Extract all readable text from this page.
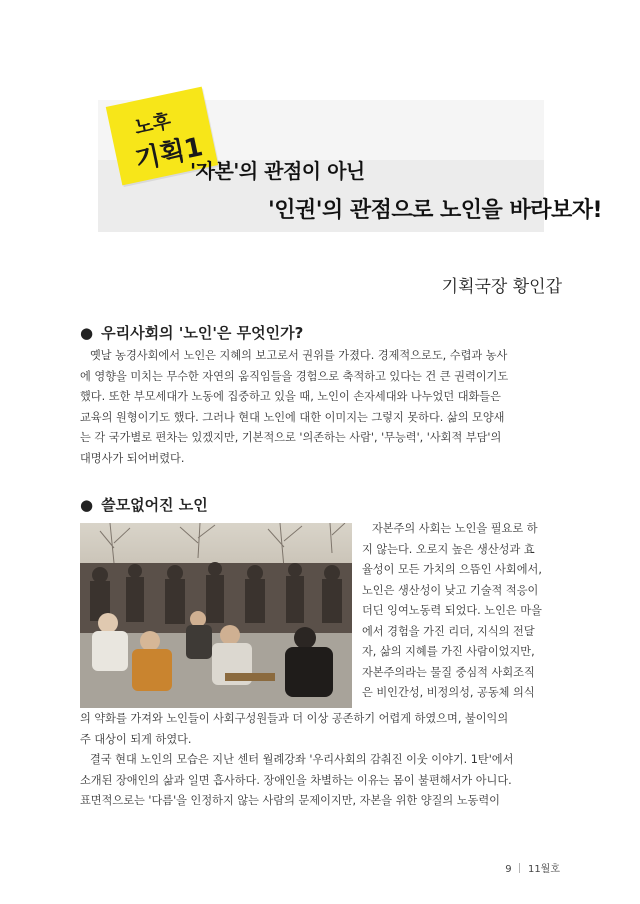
노후
기획1
'자본'의 관점이 아닌
'인권'의 관점으로 노인을 바라보자!
기획국장 황인갑
● 우리사회의 '노인'은 무엇인가?
옛날 농경사회에서 노인은 지혜의 보고로서 권위를 가졌다. 경제적으로도, 수렵과 농사
에 영향을 미치는 무수한 자연의 움직임들을 경험으로 축적하고 있다는 건 큰 권력이기도
했다. 또한 부모세대가 노동에 집중하고 있을 때, 노인이 손자세대와 나누었던 대화들은
교육의 원형이기도 했다. 그러나 현대 노인에 대한 이미지는 그렇지 못하다. 삶의 모양새
는 각 국가별로 편차는 있겠지만, 기본적으로 '의존하는 사람', '무능력', '사회적 부담'의
대명사가 되어버렸다.
● 쓸모없어진 노인
자본주의 사회는 노인을 필요로 하
지 않는다. 오로지 높은 생산성과 효
율성이 모든 가치의 으뜸인 사회에서,
노인은 생산성이 낮고 기술적 적응이
더딘 잉여노동력 되었다. 노인은 마을
에서 경험을 가진 리더, 지식의 전달
자, 삶의 지혜를 가진 사람이었지만,
자본주의라는 물질 중심적 사회조직
은 비인간성, 비정의성, 공동체 의식
의 약화를 가져와 노인들이 사회구성원들과 더 이상 공존하기 어렵게 하였으며, 불이익의
주 대상이 되게 하였다.
결국 현대 노인의 모습은 지난 센터 월례강좌 '우리사회의 감춰진 이웃 이야기. 1탄'에서
소개된 장애인의 삶과 일면 흡사하다. 장애인을 차별하는 이유는 몸이 불편해서가 아니다.
표면적으로는 '다름'을 인정하지 않는 사람의 문제이지만, 자본을 위한 양질의 노동력이
9 ｜ 11월호
